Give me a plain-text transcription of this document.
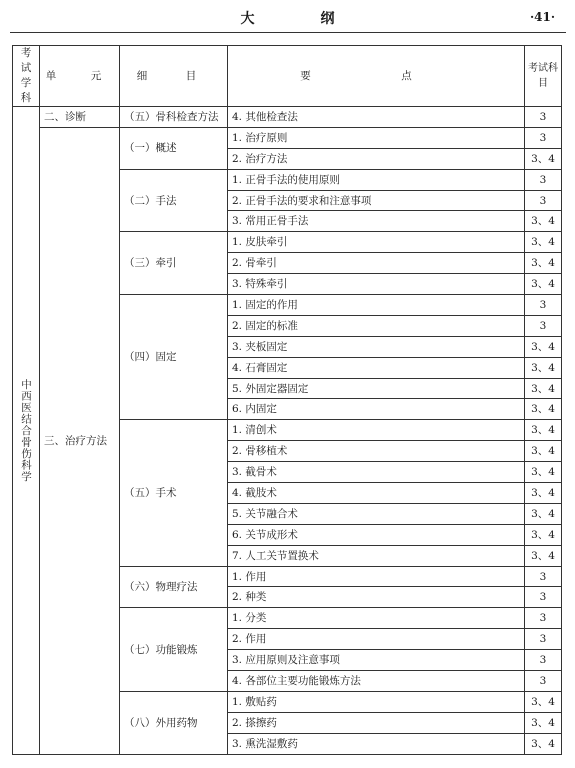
大　纲	·41·
考试学科	单　元	细　目	要　点	考试科目
中西医结合骨伤科学	二、诊断	（五）骨科检查方法	4. 其他检查法	3
	三、治疗方法	（一）概述	1. 治疗原则	3
			2. 治疗方法	3、4
		（二）手法	1. 正骨手法的使用原则	3
			2. 正骨手法的要求和注意事项	3
			3. 常用正骨手法	3、4
		（三）牵引	1. 皮肤牵引	3、4
			2. 骨牵引	3、4
			3. 特殊牵引	3、4
		（四）固定	1. 固定的作用	3
			2. 固定的标准	3
			3. 夹板固定	3、4
			4. 石膏固定	3、4
			5. 外固定器固定	3、4
			6. 内固定	3、4
		（五）手术	1. 清创术	3、4
			2. 骨移植术	3、4
			3. 截骨术	3、4
			4. 截肢术	3、4
			5. 关节融合术	3、4
			6. 关节成形术	3、4
			7. 人工关节置换术	3、4
		（六）物理疗法	1. 作用	3
			2. 种类	3
		（七）功能锻炼	1. 分类	3
			2. 作用	3
			3. 应用原则及注意事项	3
			4. 各部位主要功能锻炼方法	3
		（八）外用药物	1. 敷贴药	3、4
			2. 搽擦药	3、4
			3. 熏洗湿敷药	3、4
